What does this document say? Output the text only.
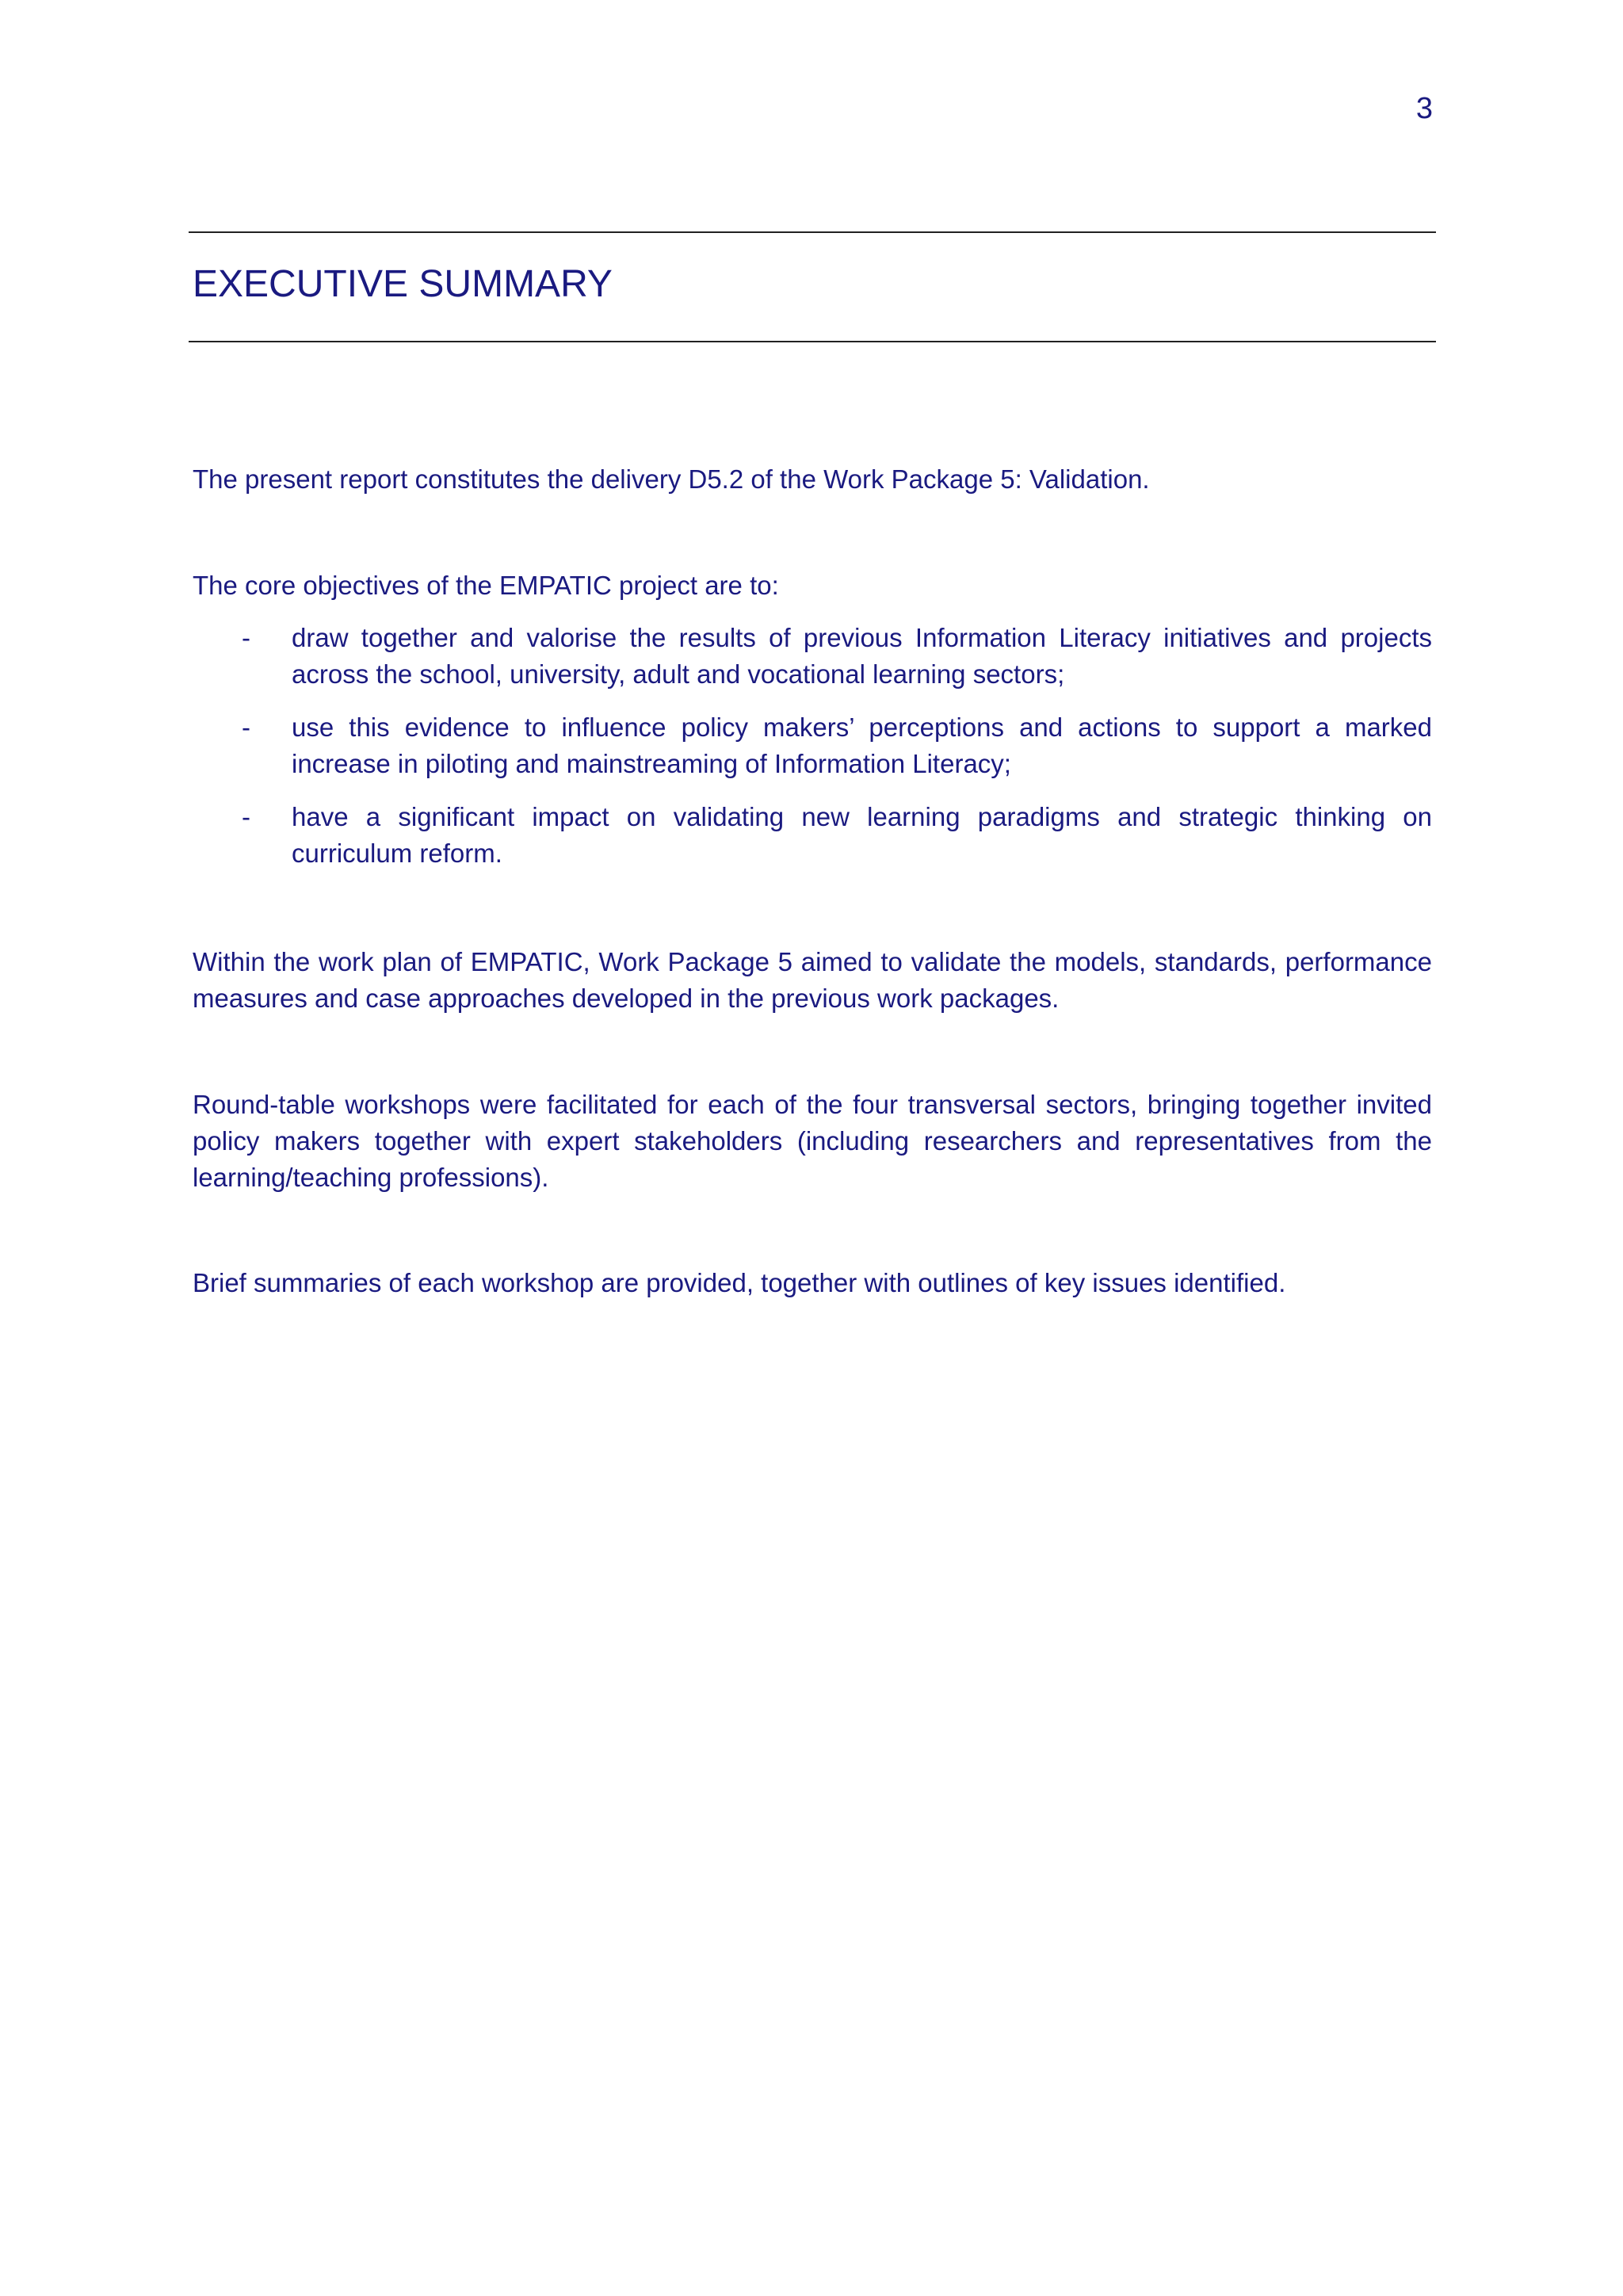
3
EXECUTIVE SUMMARY

The present report constitutes the delivery D5.2 of the Work Package 5: Validation.

The core objectives of the EMPATIC project are to:

- draw together and valorise the results of previous Information Literacy initiatives and projects across the school, university, adult and vocational learning sectors;
- use this evidence to influence policy makers’ perceptions and actions to support a marked increase in piloting and mainstreaming of Information Literacy;
- have a significant impact on validating new learning paradigms and strategic thinking on curriculum reform.

Within the work plan of EMPATIC, Work Package 5 aimed to validate the models, standards, performance measures and case approaches developed in the previous work packages.

Round-table workshops were facilitated for each of the four transversal sectors, bringing together invited policy makers together with expert stakeholders (including researchers and representatives from the learning/teaching professions).

Brief summaries of each workshop are provided, together with outlines of key issues identified.
